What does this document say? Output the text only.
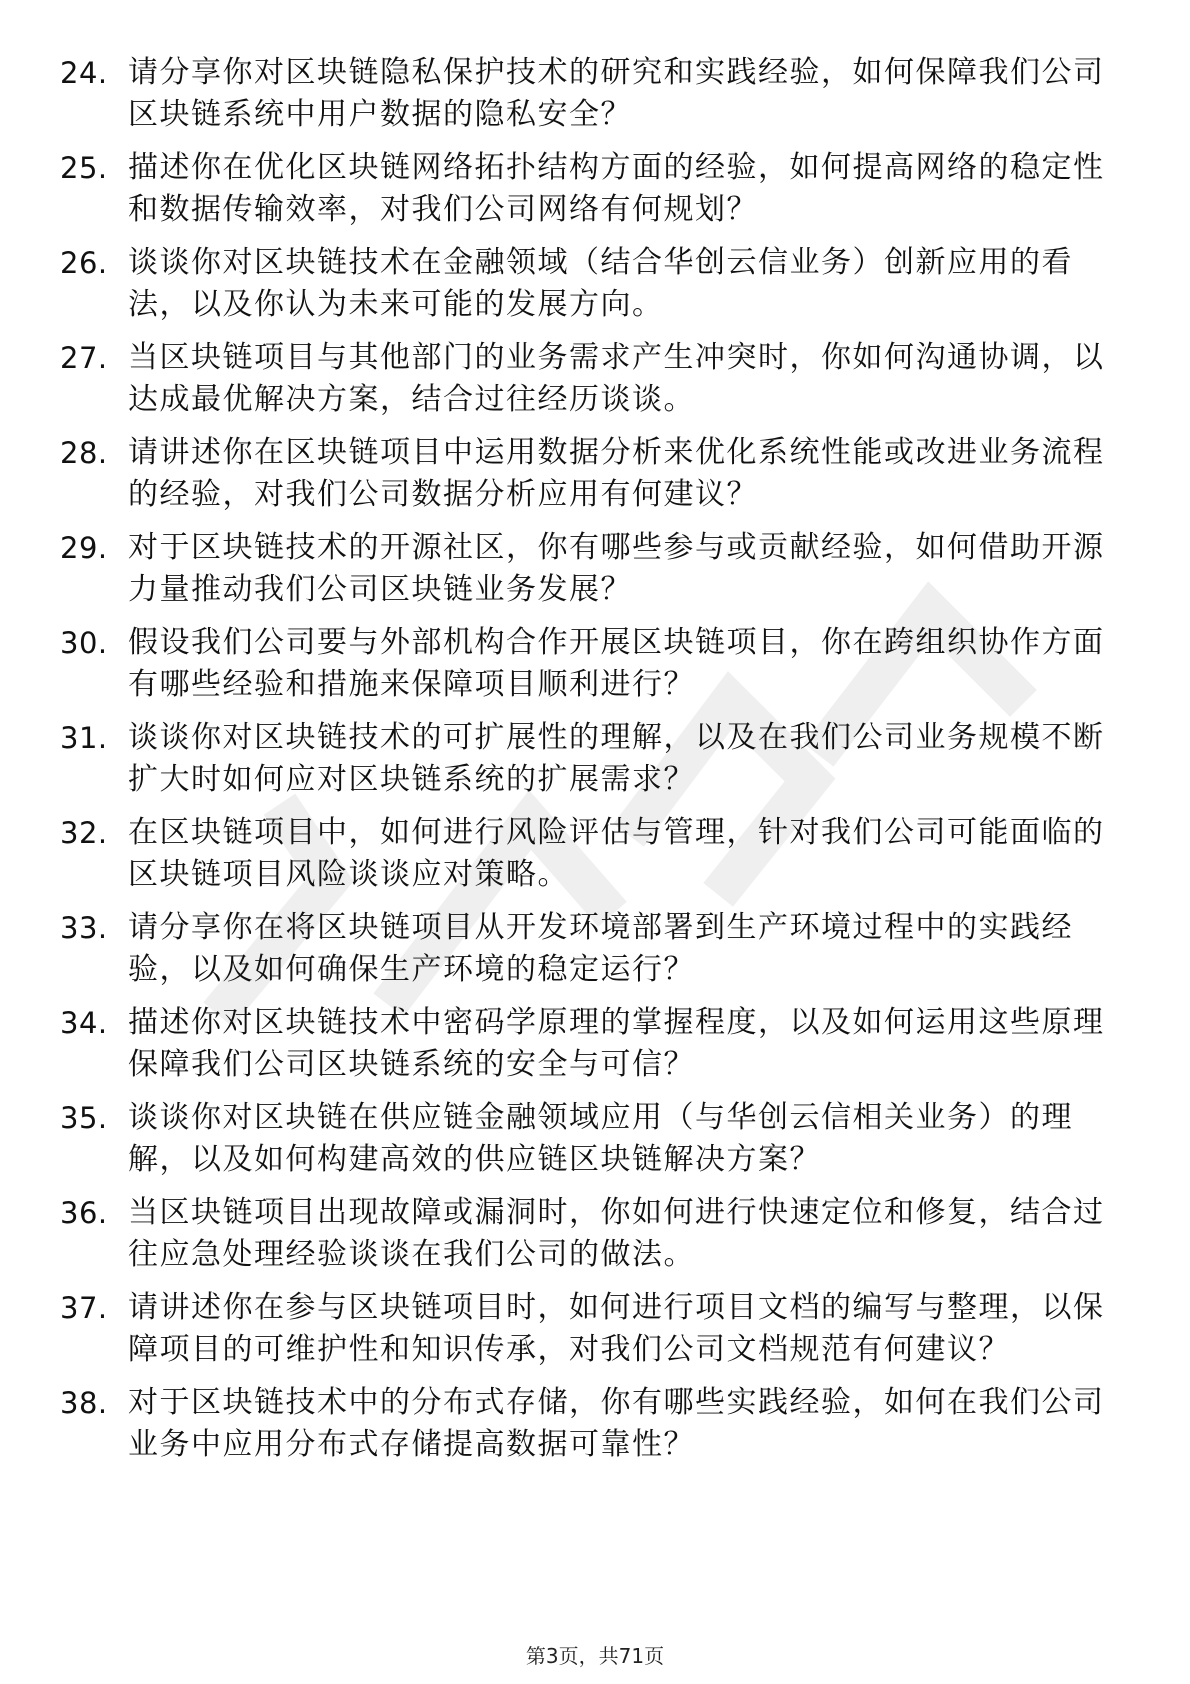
24. 请分享你对区块链隐私保护技术的研究和实践经验，如何保障我们公司区块链系统中用户数据的隐私安全？
25. 描述你在优化区块链网络拓扑结构方面的经验，如何提高网络的稳定性和数据传输效率，对我们公司网络有何规划？
26. 谈谈你对区块链技术在金融领域（结合华创云信业务）创新应用的看法，以及你认为未来可能的发展方向。
27. 当区块链项目与其他部门的业务需求产生冲突时，你如何沟通协调，以达成最优解决方案，结合过往经历谈谈。
28. 请讲述你在区块链项目中运用数据分析来优化系统性能或改进业务流程的经验，对我们公司数据分析应用有何建议？
29. 对于区块链技术的开源社区，你有哪些参与或贡献经验，如何借助开源力量推动我们公司区块链业务发展？
30. 假设我们公司要与外部机构合作开展区块链项目，你在跨组织协作方面有哪些经验和措施来保障项目顺利进行？
31. 谈谈你对区块链技术的可扩展性的理解，以及在我们公司业务规模不断扩大时如何应对区块链系统的扩展需求？
32. 在区块链项目中，如何进行风险评估与管理，针对我们公司可能面临的区块链项目风险谈谈应对策略。
33. 请分享你在将区块链项目从开发环境部署到生产环境过程中的实践经验，以及如何确保生产环境的稳定运行？
34. 描述你对区块链技术中密码学原理的掌握程度，以及如何运用这些原理保障我们公司区块链系统的安全与可信？
35. 谈谈你对区块链在供应链金融领域应用（与华创云信相关业务）的理解，以及如何构建高效的供应链区块链解决方案？
36. 当区块链项目出现故障或漏洞时，你如何进行快速定位和修复，结合过往应急处理经验谈谈在我们公司的做法。
37. 请讲述你在参与区块链项目时，如何进行项目文档的编写与整理，以保障项目的可维护性和知识传承，对我们公司文档规范有何建议？
38. 对于区块链技术中的分布式存储，你有哪些实践经验，如何在我们公司业务中应用分布式存储提高数据可靠性？
第3页，共71页
